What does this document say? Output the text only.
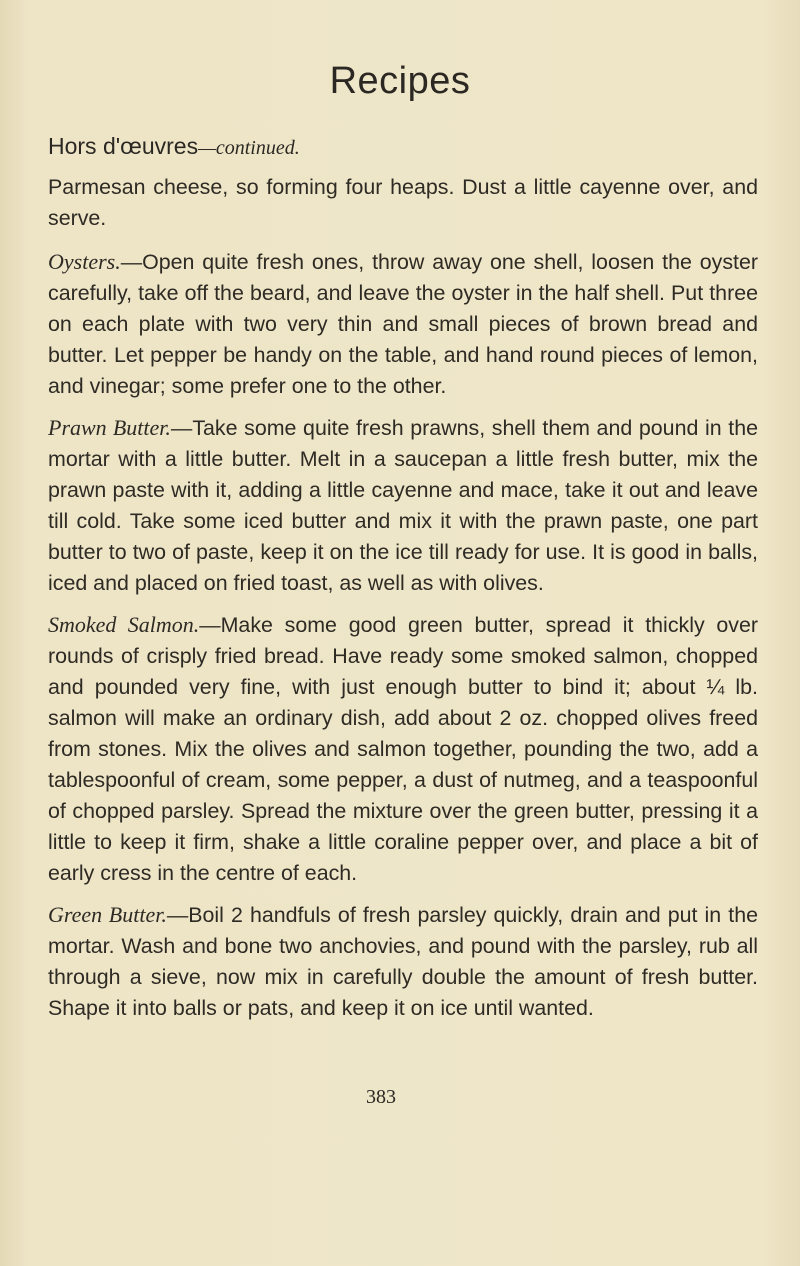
Recipes
Hors d'œuvres—continued.

Parmesan cheese, so forming four heaps. Dust a little cayenne over, and serve.

Oysters.—Open quite fresh ones, throw away one shell, loosen the oyster carefully, take off the beard, and leave the oyster in the half shell. Put three on each plate with two very thin and small pieces of brown bread and butter. Let pepper be handy on the table, and hand round pieces of lemon, and vinegar; some prefer one to the other.

Prawn Butter.—Take some quite fresh prawns, shell them and pound in the mortar with a little butter. Melt in a saucepan a little fresh butter, mix the prawn paste with it, adding a little cayenne and mace, take it out and leave till cold. Take some iced butter and mix it with the prawn paste, one part butter to two of paste, keep it on the ice till ready for use. It is good in balls, iced and placed on fried toast, as well as with olives.

Smoked Salmon.—Make some good green butter, spread it thickly over rounds of crisply fried bread. Have ready some smoked salmon, chopped and pounded very fine, with just enough butter to bind it; about ¼ lb. salmon will make an ordinary dish, add about 2 oz. chopped olives freed from stones. Mix the olives and salmon together, pounding the two, add a tablespoonful of cream, some pepper, a dust of nutmeg, and a teaspoonful of chopped parsley. Spread the mixture over the green butter, pressing it a little to keep it firm, shake a little coraline pepper over, and place a bit of early cress in the centre of each.

Green Butter.—Boil 2 handfuls of fresh parsley quickly, drain and put in the mortar. Wash and bone two anchovies, and pound with the parsley, rub all through a sieve, now mix in carefully double the amount of fresh butter. Shape it into balls or pats, and keep it on ice until wanted.

383
